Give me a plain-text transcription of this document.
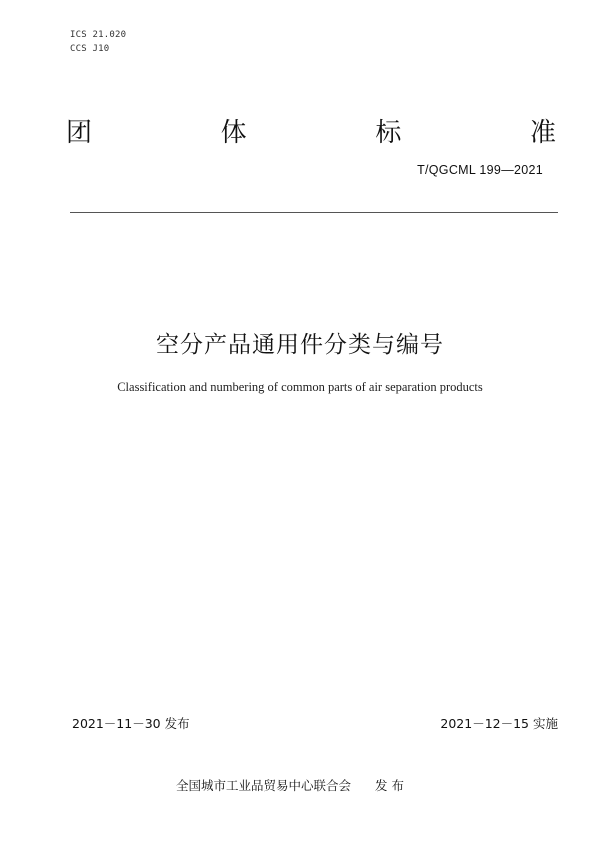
ICS 21.020
CCS J10
团	体	标	准
T/QGCML 199—2021
空分产品通用件分类与编号
Classification and numbering of common parts of air separation products
2021－11－30 发布	2021－12－15 实施
全国城市工业品贸易中心联合会 发 布
